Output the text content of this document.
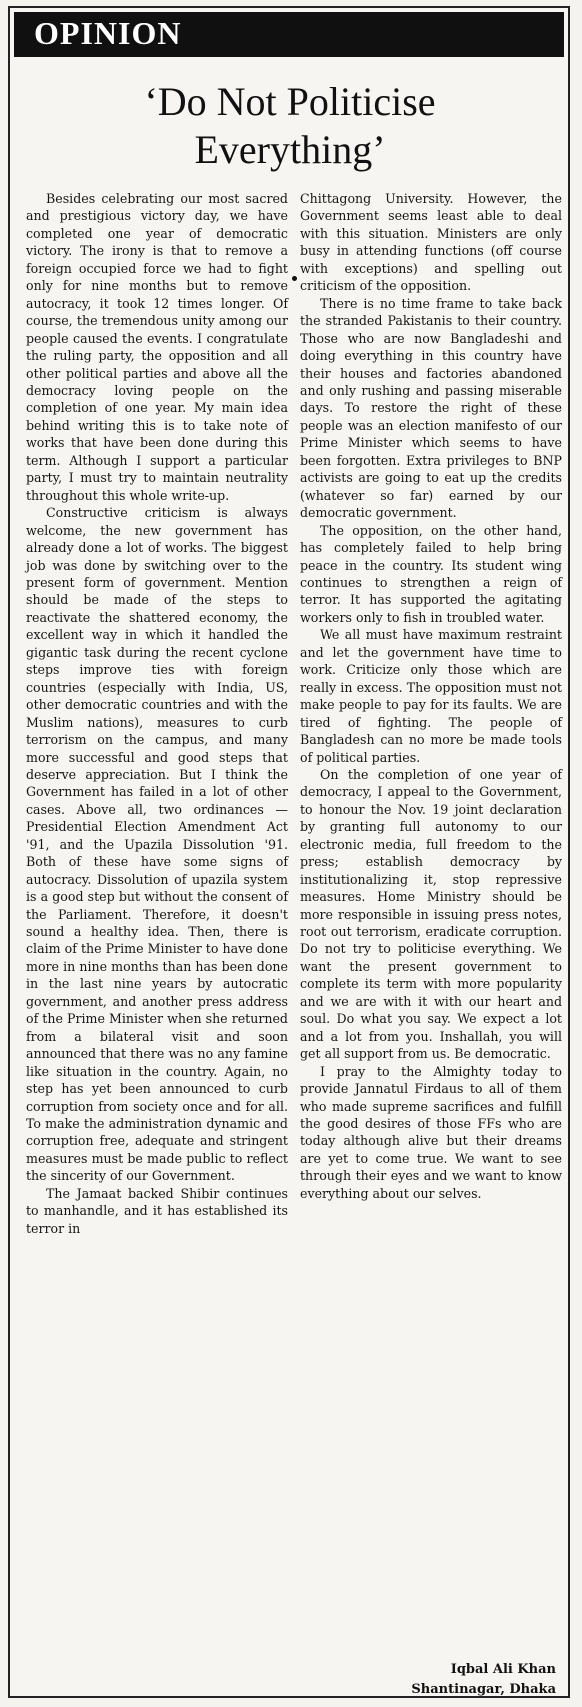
OPINION
‘Do Not Politicise
Everything’

Besides celebrating our most sacred and prestigious victory day, we have completed one year of democratic victory. The irony is that to remove a foreign occupied force we had to fight only for nine months but to remove autocracy, it took 12 times longer. Of course, the tremendous unity among our people caused the events. I congratulate the ruling party, the opposition and all other political parties and above all the democracy loving people on the completion of one year. My main idea behind writing this is to take note of works that have been done during this term. Although I support a particular party, I must try to maintain neutrality throughout this whole write-up.

Constructive criticism is always welcome, the new government has already done a lot of works. The biggest job was done by switching over to the present form of government. Mention should be made of the steps to reactivate the shattered economy, the excellent way in which it handled the gigantic task during the recent cyclone steps improve ties with foreign countries (especially with India, US, other democratic countries and with the Muslim nations), measures to curb terrorism on the campus, and many more successful and good steps that deserve appreciation. But I think the Government has failed in a lot of other cases. Above all, two ordinances — Presidential Election Amendment Act '91, and the Upazila Dissolution '91. Both of these have some signs of autocracy. Dissolution of upazila system is a good step but without the consent of the Parliament. Therefore, it doesn't sound a healthy idea. Then, there is claim of the Prime Minister to have done more in nine months than has been done in the last nine years by autocratic government, and another press address of the Prime Minister when she returned from a bilateral visit and soon announced that there was no any famine like situation in the country. Again, no step has yet been announced to curb corruption from society once and for all. To make the administration dynamic and corruption free, adequate and stringent measures must be made public to reflect the sincerity of our Government.

The Jamaat backed Shibir continues to manhandle, and it has established its terror in

Chittagong University. However, the Government seems least able to deal with this situation. Ministers are only busy in attending functions (off course with exceptions) and spelling out criticism of the opposition.

There is no time frame to take back the stranded Pakistanis to their country. Those who are now Bangladeshi and doing everything in this country have their houses and factories abandoned and only rushing and passing miserable days. To restore the right of these people was an election manifesto of our Prime Minister which seems to have been forgotten. Extra privileges to BNP activists are going to eat up the credits (whatever so far) earned by our democratic government.

The opposition, on the other hand, has completely failed to help bring peace in the country. Its student wing continues to strengthen a reign of terror. It has supported the agitating workers only to fish in troubled water.

We all must have maximum restraint and let the government have time to work. Criticize only those which are really in excess. The opposition must not make people to pay for its faults. We are tired of fighting. The people of Bangladesh can no more be made tools of political parties.

On the completion of one year of democracy, I appeal to the Government, to honour the Nov. 19 joint declaration by granting full autonomy to our electronic media, full freedom to the press; establish democracy by institutionalizing it, stop repressive measures. Home Ministry should be more responsible in issuing press notes, root out terrorism, eradicate corruption. Do not try to politicise everything. We want the present government to complete its term with more popularity and we are with it with our heart and soul. Do what you say. We expect a lot and a lot from you. Inshallah, you will get all support from us. Be democratic.

I pray to the Almighty today to provide Jannatul Firdaus to all of them who made supreme sacrifices and fulfill the good desires of those FFs who are today although alive but their dreams are yet to come true. We want to see through their eyes and we want to know everything about our selves.

Iqbal Ali Khan
Shantinagar, Dhaka
